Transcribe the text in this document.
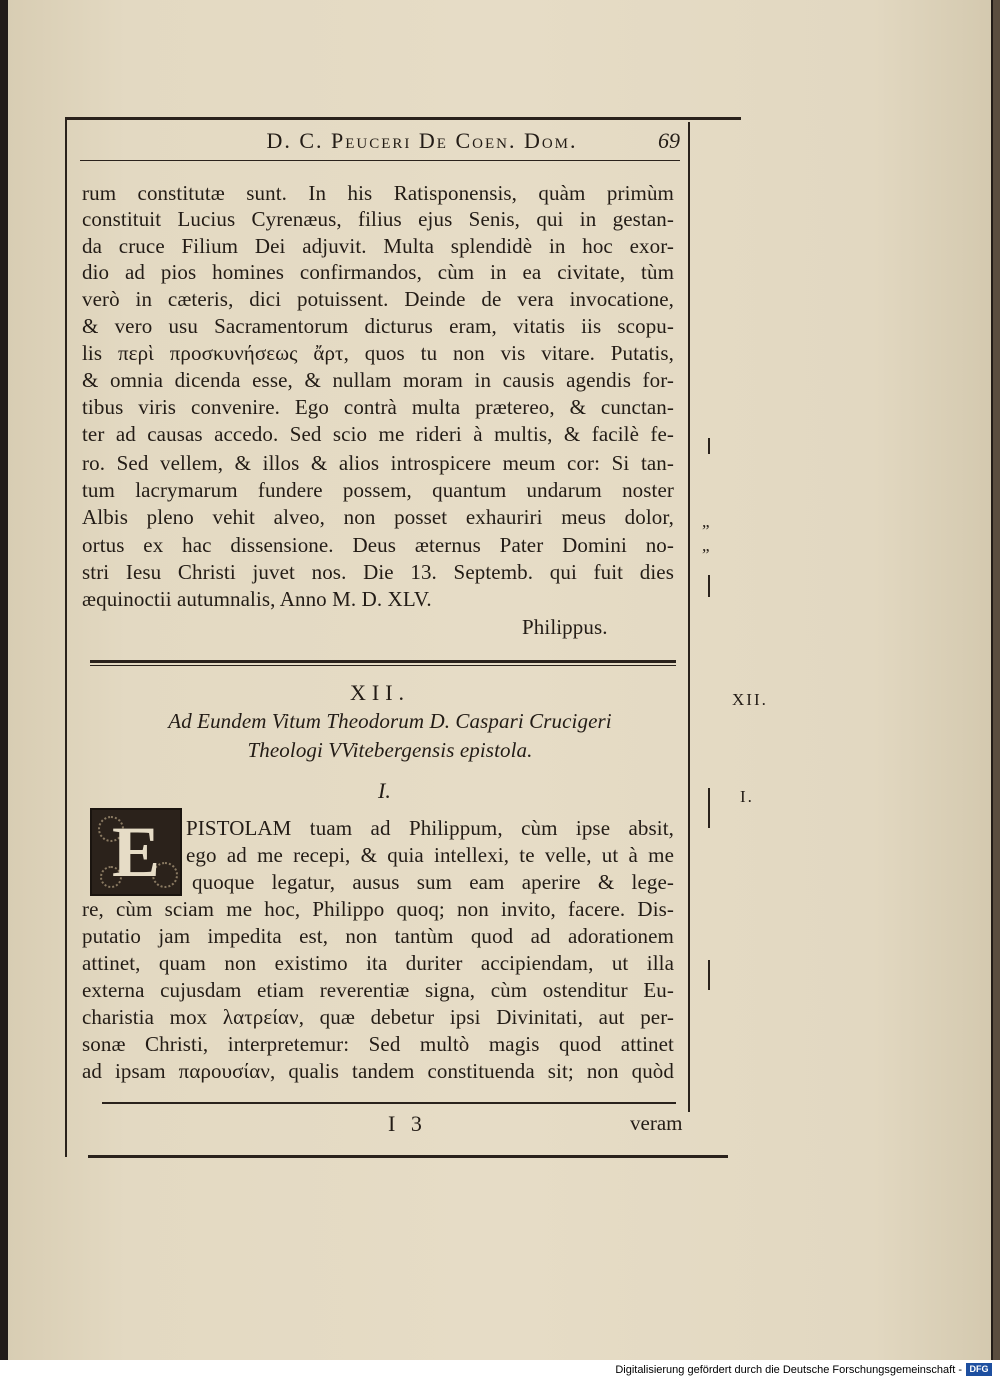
D. C. Peuceri De Coen. Dom.	69
rum constitutæ sunt. In his Ratisponensis, quàm primùm
constituit Lucius Cyrenæus, filius ejus Senis, qui in gestan-
da cruce Filium Dei adjuvit. Multa splendidè in hoc exor-
dio ad pios homines confirmandos, cùm in ea civitate, tùm
verò in cæteris, dici potuissent. Deinde de vera invocatione,
& vero usu Sacramentorum dicturus eram, vitatis iis scopu-
lis περὶ προσκυνήσεως ἄρτ, quos tu non vis vitare. Putatis,
& omnia dicenda esse, & nullam moram in causis agendis for-
tibus viris convenire. Ego contrà multa prætereo, & cunctan-
ter ad causas accedo. Sed scio me rideri à multis, & facilè fe-
ro. Sed vellem, & illos & alios introspicere meum cor: Si tan-
tum lacrymarum fundere possem, quantum undarum noster
Albis pleno vehit alveo, non posset exhauriri meus dolor,
ortus ex hac dissensione. Deus æternus Pater Domini no-
stri Iesu Christi juvet nos. Die 13. Septemb. qui fuit dies
æquinoctii autumnalis, Anno M. D. XLV.
Philippus.
XII.
Ad Eundem Vitum Theodorum D. Caspari Crucigeri
Theologi VVitebergensis epistola.
I.
E	PISTOLAM tuam ad Philippum, cùm ipse absit,
ego ad me recepi, & quia intellexi, te velle, ut à me
quoque legatur, ausus sum eam aperire & lege-
re, cùm sciam me hoc, Philippo quoq; non invito, facere. Dis-
putatio jam impedita est, non tantùm quod ad adorationem
attinet, quam non existimo ita duriter accipiendam, ut illa
externa cujusdam etiam reverentiæ signa, cùm ostenditur Eu-
charistia mox λατρείαν, quæ debetur ipsi Divinitati, aut per-
sonæ Christi, interpretemur: Sed multò magis quod attinet
ad ipsam παρουσίαν, qualis tandem constituenda sit; non quòd
I 3	veram
„
„
XII.
I.
Digitalisierung gefördert durch die Deutsche Forschungsgemeinschaft - DFG
